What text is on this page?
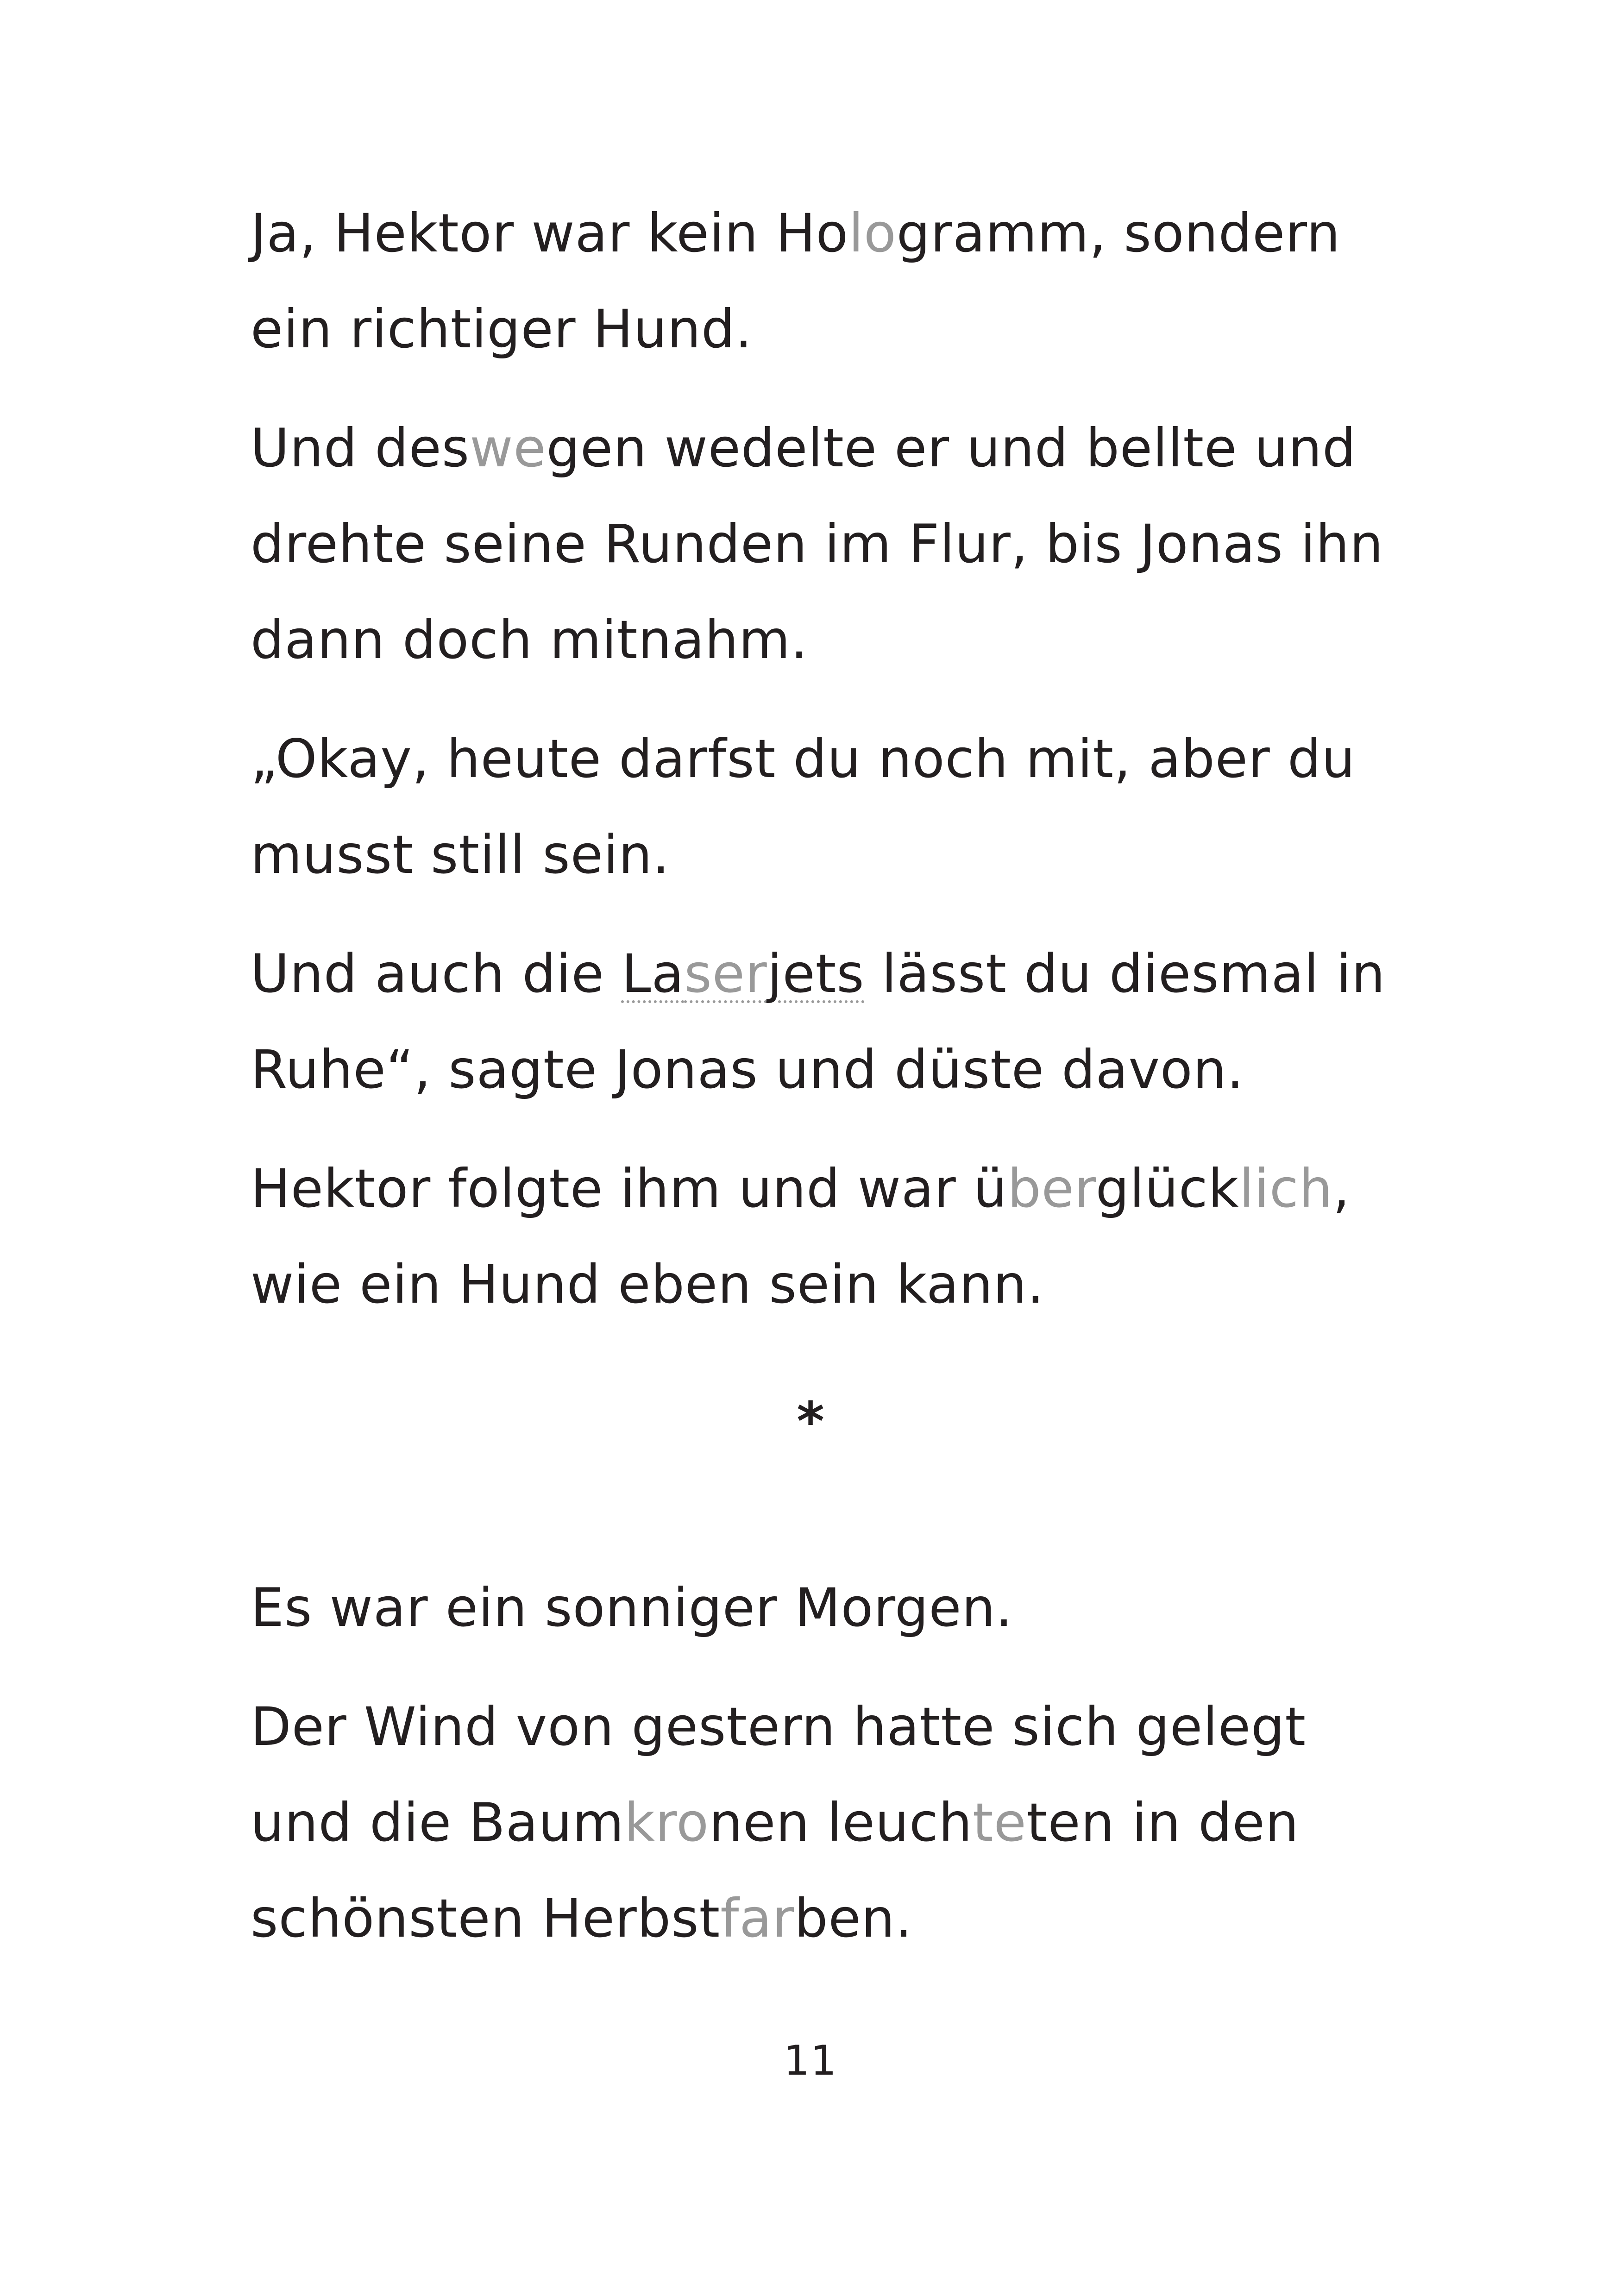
Ja, Hektor war kein Hologramm, sondern
ein richtiger Hund.

Und deswegen wedelte er und bellte und
drehte seine Runden im Flur, bis Jonas ihn
dann doch mitnahm.

„Okay, heute darfst du noch mit, aber du
musst still sein.

Und auch die Laserjets lässt du diesmal in
Ruhe“, sagte Jonas und düste davon.

Hektor folgte ihm und war überglücklich,
wie ein Hund eben sein kann.

*

Es war ein sonniger Morgen.

Der Wind von gestern hatte sich gelegt
und die Baumkronen leuchteten in den
schönsten Herbstfarben.

11
